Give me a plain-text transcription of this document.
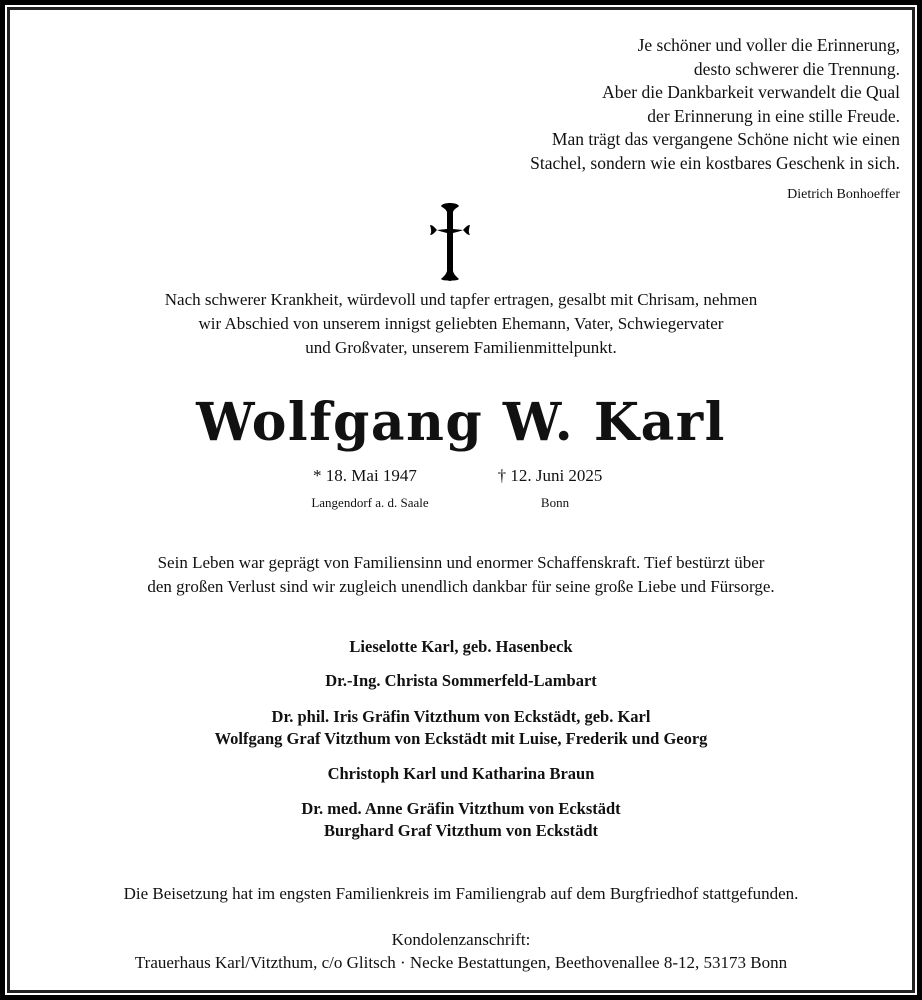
Je schöner und voller die Erinnerung,
desto schwerer die Trennung.
Aber die Dankbarkeit verwandelt die Qual
der Erinnerung in eine stille Freude.
Man trägt das vergangene Schöne nicht wie einen
Stachel, sondern wie ein kostbares Geschenk in sich.
Dietrich Bonhoeffer
Nach schwerer Krankheit, würdevoll und tapfer ertragen, gesalbt mit Chrisam, nehmen
wir Abschied von unserem innigst geliebten Ehemann, Vater, Schwiegervater
und Großvater, unserem Familienmittelpunkt.
Wolfgang W. Karl
* 18. Mai 1947	† 12. Juni 2025
Langendorf a. d. Saale	Bonn
Sein Leben war geprägt von Familiensinn und enormer Schaffenskraft. Tief bestürzt über
den großen Verlust sind wir zugleich unendlich dankbar für seine große Liebe und Fürsorge.
Lieselotte Karl, geb. Hasenbeck
Dr.-Ing. Christa Sommerfeld-Lambart
Dr. phil. Iris Gräfin Vitzthum von Eckstädt, geb. Karl
Wolfgang Graf Vitzthum von Eckstädt mit Luise, Frederik und Georg
Christoph Karl und Katharina Braun
Dr. med. Anne Gräfin Vitzthum von Eckstädt
Burghard Graf Vitzthum von Eckstädt
Die Beisetzung hat im engsten Familienkreis im Familiengrab auf dem Burgfriedhof stattgefunden.
Kondolenzanschrift:
Trauerhaus Karl/Vitzthum, c/o Glitsch · Necke Bestattungen, Beethovenallee 8-12, 53173 Bonn
